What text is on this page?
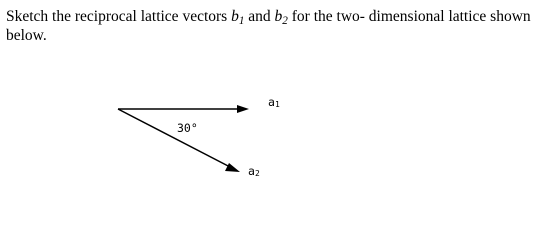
Sketch the reciprocal lattice vectors $b_1$ and $b_2$ for the two- dimensional lattice shown below.

a1
30°
a2
